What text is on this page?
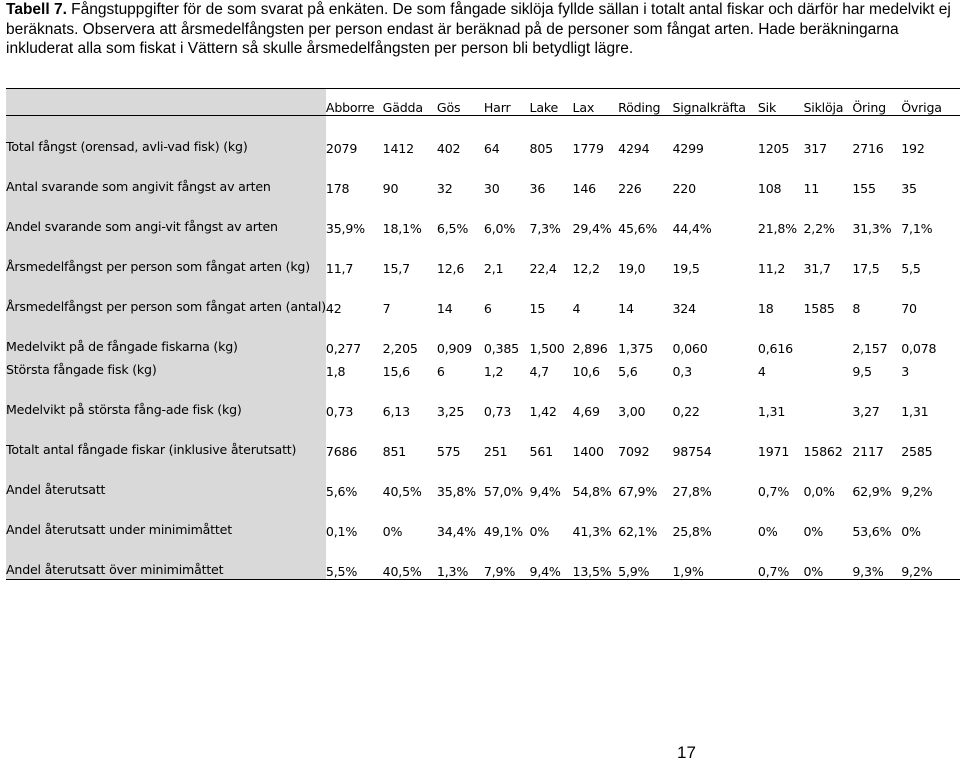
Tabell 7. Fångstuppgifter för de som svarat på enkäten. De som fångade siklöja fyllde sällan i totalt antal fiskar och därför har medelvikt ej beräknats. Observera att årsmedelfångsten per person endast är beräknad på de personer som fångat arten. Hade beräkningarna inkluderat alla som fiskat i Vättern så skulle årsmedelfångsten per person bli betydligt lägre.
	Abborre	Gädda	Gös	Harr	Lake	Lax	Röding	Signalkräfta	Sik	Siklöja	Öring	Övriga
Total fångst (orensad, avli-vad fisk) (kg)	2079	1412	402	64	805	1779	4294	4299	1205	317	2716	192
Antal svarande som angivit fångst av arten	178	90	32	30	36	146	226	220	108	11	155	35
Andel svarande som angi-vit fångst av arten	35,9%	18,1%	6,5%	6,0%	7,3%	29,4%	45,6%	44,4%	21,8%	2,2%	31,3%	7,1%
Årsmedelfångst per person som fångat arten (kg)	11,7	15,7	12,6	2,1	22,4	12,2	19,0	19,5	11,2	31,7	17,5	5,5
Årsmedelfångst per person som fångat arten (antal)	42	7	14	6	15	4	14	324	18	1585	8	70
Medelvikt på de fångade fiskarna (kg)	0,277	2,205	0,909	0,385	1,500	2,896	1,375	0,060	0,616		2,157	0,078
Största fångade fisk (kg)	1,8	15,6	6	1,2	4,7	10,6	5,6	0,3	4		9,5	3
Medelvikt på största fång-ade fisk (kg)	0,73	6,13	3,25	0,73	1,42	4,69	3,00	0,22	1,31		3,27	1,31
Totalt antal fångade fiskar (inklusive återutsatt)	7686	851	575	251	561	1400	7092	98754	1971	15862	2117	2585
Andel återutsatt	5,6%	40,5%	35,8%	57,0%	9,4%	54,8%	67,9%	27,8%	0,7%	0,0%	62,9%	9,2%
Andel återutsatt under minimimåttet	0,1%	0%	34,4%	49,1%	0%	41,3%	62,1%	25,8%	0%	0%	53,6%	0%
Andel återutsatt över minimimåttet	5,5%	40,5%	1,3%	7,9%	9,4%	13,5%	5,9%	1,9%	0,7%	0%	9,3%	9,2%
17
